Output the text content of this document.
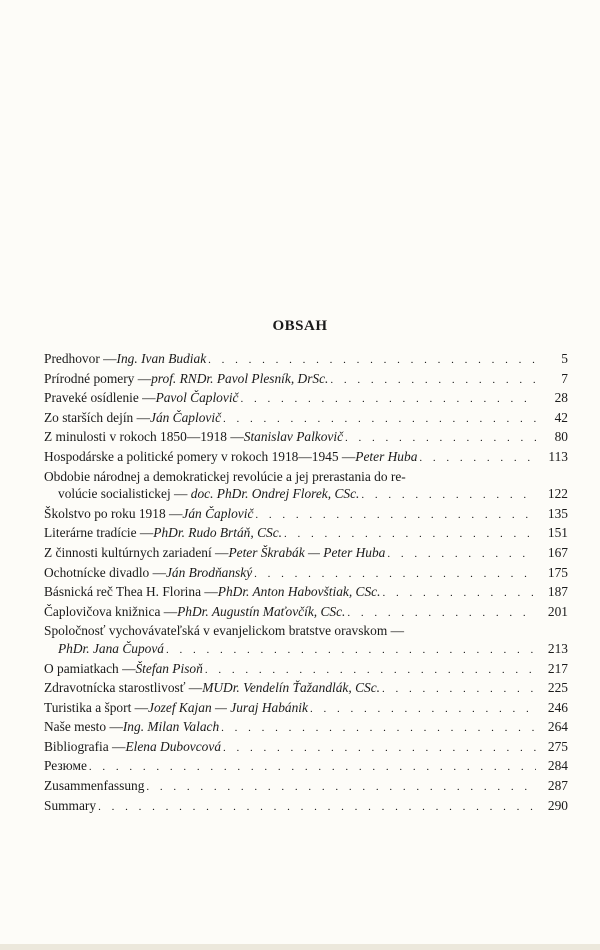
OBSAH
Predhovor — Ing. Ivan Budiak . . .	5
Prírodné pomery — prof. RNDr. Pavol Plesník, DrSc. . . .	7
Praveké osídlenie — Pavol Čaplovič . . .	28
Zo starších dejín — Ján Čaplovič . . .	42
Z minulosti v rokoch 1850—1918 — Stanislav Palkovič . . .	80
Hospodárske a politické pomery v rokoch 1918—1945 — Peter Huba . . .	113
Obdobie národnej a demokratickej revolúcie a jej prerastania do re-
volúcie socialistickej — doc. PhDr. Ondrej Florek, CSc. . . .	122
Školstvo po roku 1918 — Ján Čaplovič . . .	135
Literárne tradície — PhDr. Rudo Brtáň, CSc. . . .	151
Z činnosti kultúrnych zariadení — Peter Škrabák — Peter Huba . . .	167
Ochotnícke divadlo — Ján Brodňanský . . .	175
Básnická reč Thea H. Florina — PhDr. Anton Habovštiak, CSc. . . .	187
Čaplovičova knižnica — PhDr. Augustín Maťovčík, CSc. . . .	201
Spoločnosť vychovávateľská v evanjelickom bratstve oravskom —
PhDr. Jana Čupová . . .	213
O pamiatkach — Štefan Pisoň . . .	217
Zdravotnícka starostlivosť — MUDr. Vendelín Ťažandlák, CSc. . . .	225
Turistika a šport — Jozef Kajan — Juraj Habánik . . .	246
Naše mesto — Ing. Milan Valach . . .	264
Bibliografia — Elena Dubovcová . . .	275
Резюме . . .	284
Zusammenfassung . . .	287
Summary . . .	290
